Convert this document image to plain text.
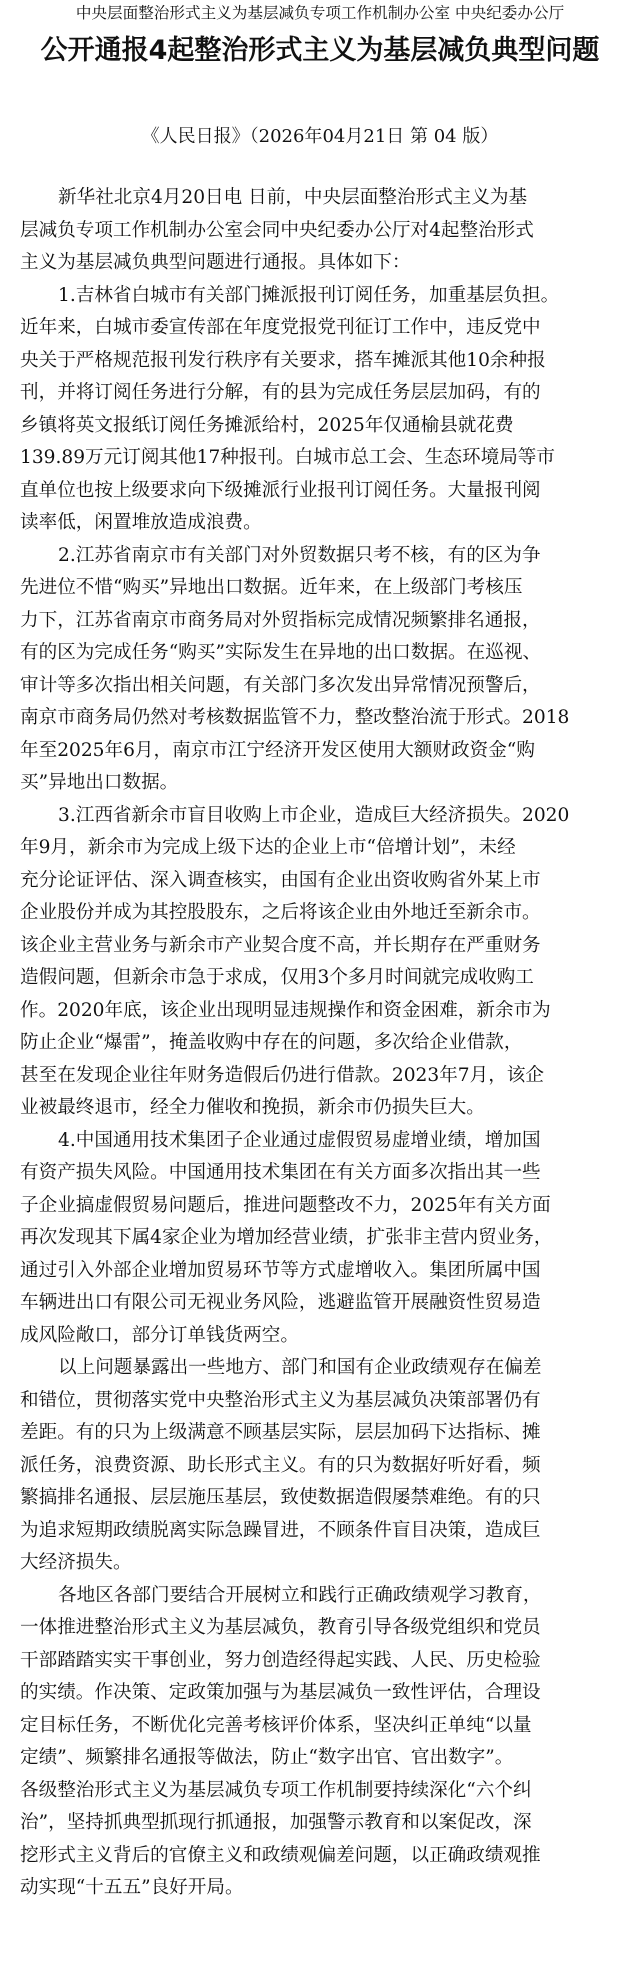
中央层面整治形式主义为基层减负专项工作机制办公室 中央纪委办公厅
公开通报4起整治形式主义为基层减负典型问题
《人民日报》（2026年04月21日 第 04 版）
新华社北京4月20日电 日前，中央层面整治形式主义为基
层减负专项工作机制办公室会同中央纪委办公厅对4起整治形式
主义为基层减负典型问题进行通报。具体如下：
1.吉林省白城市有关部门摊派报刊订阅任务，加重基层负担。
近年来，白城市委宣传部在年度党报党刊征订工作中，违反党中
央关于严格规范报刊发行秩序有关要求，搭车摊派其他10余种报
刊，并将订阅任务进行分解，有的县为完成任务层层加码，有的
乡镇将英文报纸订阅任务摊派给村，2025年仅通榆县就花费
139.89万元订阅其他17种报刊。白城市总工会、生态环境局等市
直单位也按上级要求向下级摊派行业报刊订阅任务。大量报刊阅
读率低，闲置堆放造成浪费。
2.江苏省南京市有关部门对外贸数据只考不核，有的区为争
先进位不惜“购买”异地出口数据。近年来，在上级部门考核压
力下，江苏省南京市商务局对外贸指标完成情况频繁排名通报，
有的区为完成任务“购买”实际发生在异地的出口数据。在巡视、
审计等多次指出相关问题，有关部门多次发出异常情况预警后，
南京市商务局仍然对考核数据监管不力，整改整治流于形式。2018
年至2025年6月，南京市江宁经济开发区使用大额财政资金“购
买”异地出口数据。
3.江西省新余市盲目收购上市企业，造成巨大经济损失。2020
年9月，新余市为完成上级下达的企业上市“倍增计划”，未经
充分论证评估、深入调查核实，由国有企业出资收购省外某上市
企业股份并成为其控股股东，之后将该企业由外地迁至新余市。
该企业主营业务与新余市产业契合度不高，并长期存在严重财务
造假问题，但新余市急于求成，仅用3个多月时间就完成收购工
作。2020年底，该企业出现明显违规操作和资金困难，新余市为
防止企业“爆雷”，掩盖收购中存在的问题，多次给企业借款，
甚至在发现企业往年财务造假后仍进行借款。2023年7月，该企
业被最终退市，经全力催收和挽损，新余市仍损失巨大。
4.中国通用技术集团子企业通过虚假贸易虚增业绩，增加国
有资产损失风险。中国通用技术集团在有关方面多次指出其一些
子企业搞虚假贸易问题后，推进问题整改不力，2025年有关方面
再次发现其下属4家企业为增加经营业绩，扩张非主营内贸业务，
通过引入外部企业增加贸易环节等方式虚增收入。集团所属中国
车辆进出口有限公司无视业务风险，逃避监管开展融资性贸易造
成风险敞口，部分订单钱货两空。
以上问题暴露出一些地方、部门和国有企业政绩观存在偏差
和错位，贯彻落实党中央整治形式主义为基层减负决策部署仍有
差距。有的只为上级满意不顾基层实际，层层加码下达指标、摊
派任务，浪费资源、助长形式主义。有的只为数据好听好看，频
繁搞排名通报、层层施压基层，致使数据造假屡禁难绝。有的只
为追求短期政绩脱离实际急躁冒进，不顾条件盲目决策，造成巨
大经济损失。
各地区各部门要结合开展树立和践行正确政绩观学习教育，
一体推进整治形式主义为基层减负，教育引导各级党组织和党员
干部踏踏实实干事创业，努力创造经得起实践、人民、历史检验
的实绩。作决策、定政策加强与为基层减负一致性评估，合理设
定目标任务，不断优化完善考核评价体系，坚决纠正单纯“以量
定绩”、频繁排名通报等做法，防止“数字出官、官出数字”。
各级整治形式主义为基层减负专项工作机制要持续深化“六个纠
治”，坚持抓典型抓现行抓通报，加强警示教育和以案促改，深
挖形式主义背后的官僚主义和政绩观偏差问题，以正确政绩观推
动实现“十五五”良好开局。
